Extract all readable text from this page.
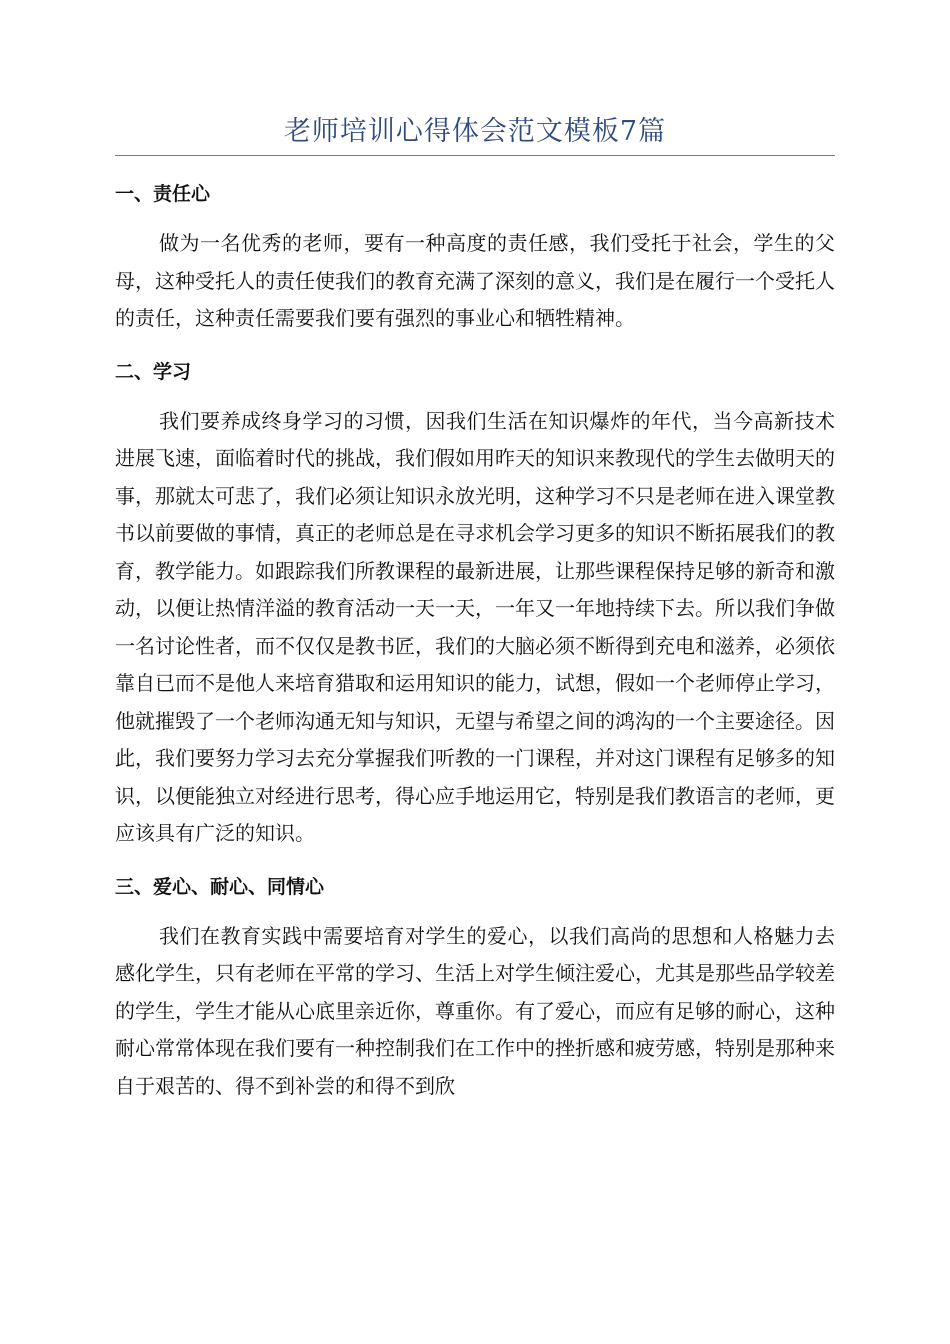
老师培训心得体会范文模板7篇
一、责任心

做为一名优秀的老师，要有一种高度的责任感，我们受托于社会，学生的父母，这种受托人的责任使我们的教育充满了深刻的意义，我们是在履行一个受托人的责任，这种责任需要我们要有强烈的事业心和牺牲精神。

二、学习

我们要养成终身学习的习惯，因我们生活在知识爆炸的年代，当今高新技术进展飞速，面临着时代的挑战，我们假如用昨天的知识来教现代的学生去做明天的事，那就太可悲了，我们必须让知识永放光明，这种学习不只是老师在进入课堂教书以前要做的事情，真正的老师总是在寻求机会学习更多的知识不断拓展我们的教育，教学能力。如跟踪我们所教课程的最新进展，让那些课程保持足够的新奇和激动，以便让热情洋溢的教育活动一天一天，一年又一年地持续下去。所以我们争做一名讨论性者，而不仅仅是教书匠，我们的大脑必须不断得到充电和滋养，必须依靠自已而不是他人来培育猎取和运用知识的能力，试想，假如一个老师停止学习，他就摧毁了一个老师沟通无知与知识，无望与希望之间的鸿沟的一个主要途径。因此，我们要努力学习去充分掌握我们听教的一门课程，并对这门课程有足够多的知识，以便能独立对经进行思考，得心应手地运用它，特别是我们教语言的老师，更应该具有广泛的知识。

三、爱心、耐心、同情心

我们在教育实践中需要培育对学生的爱心，以我们高尚的思想和人格魅力去感化学生，只有老师在平常的学习、生活上对学生倾注爱心，尤其是那些品学较差的学生，学生才能从心底里亲近你，尊重你。有了爱心，而应有足够的耐心，这种耐心常常体现在我们要有一种控制我们在工作中的挫折感和疲劳感，特别是那种来自于艰苦的、得不到补尝的和得不到欣
